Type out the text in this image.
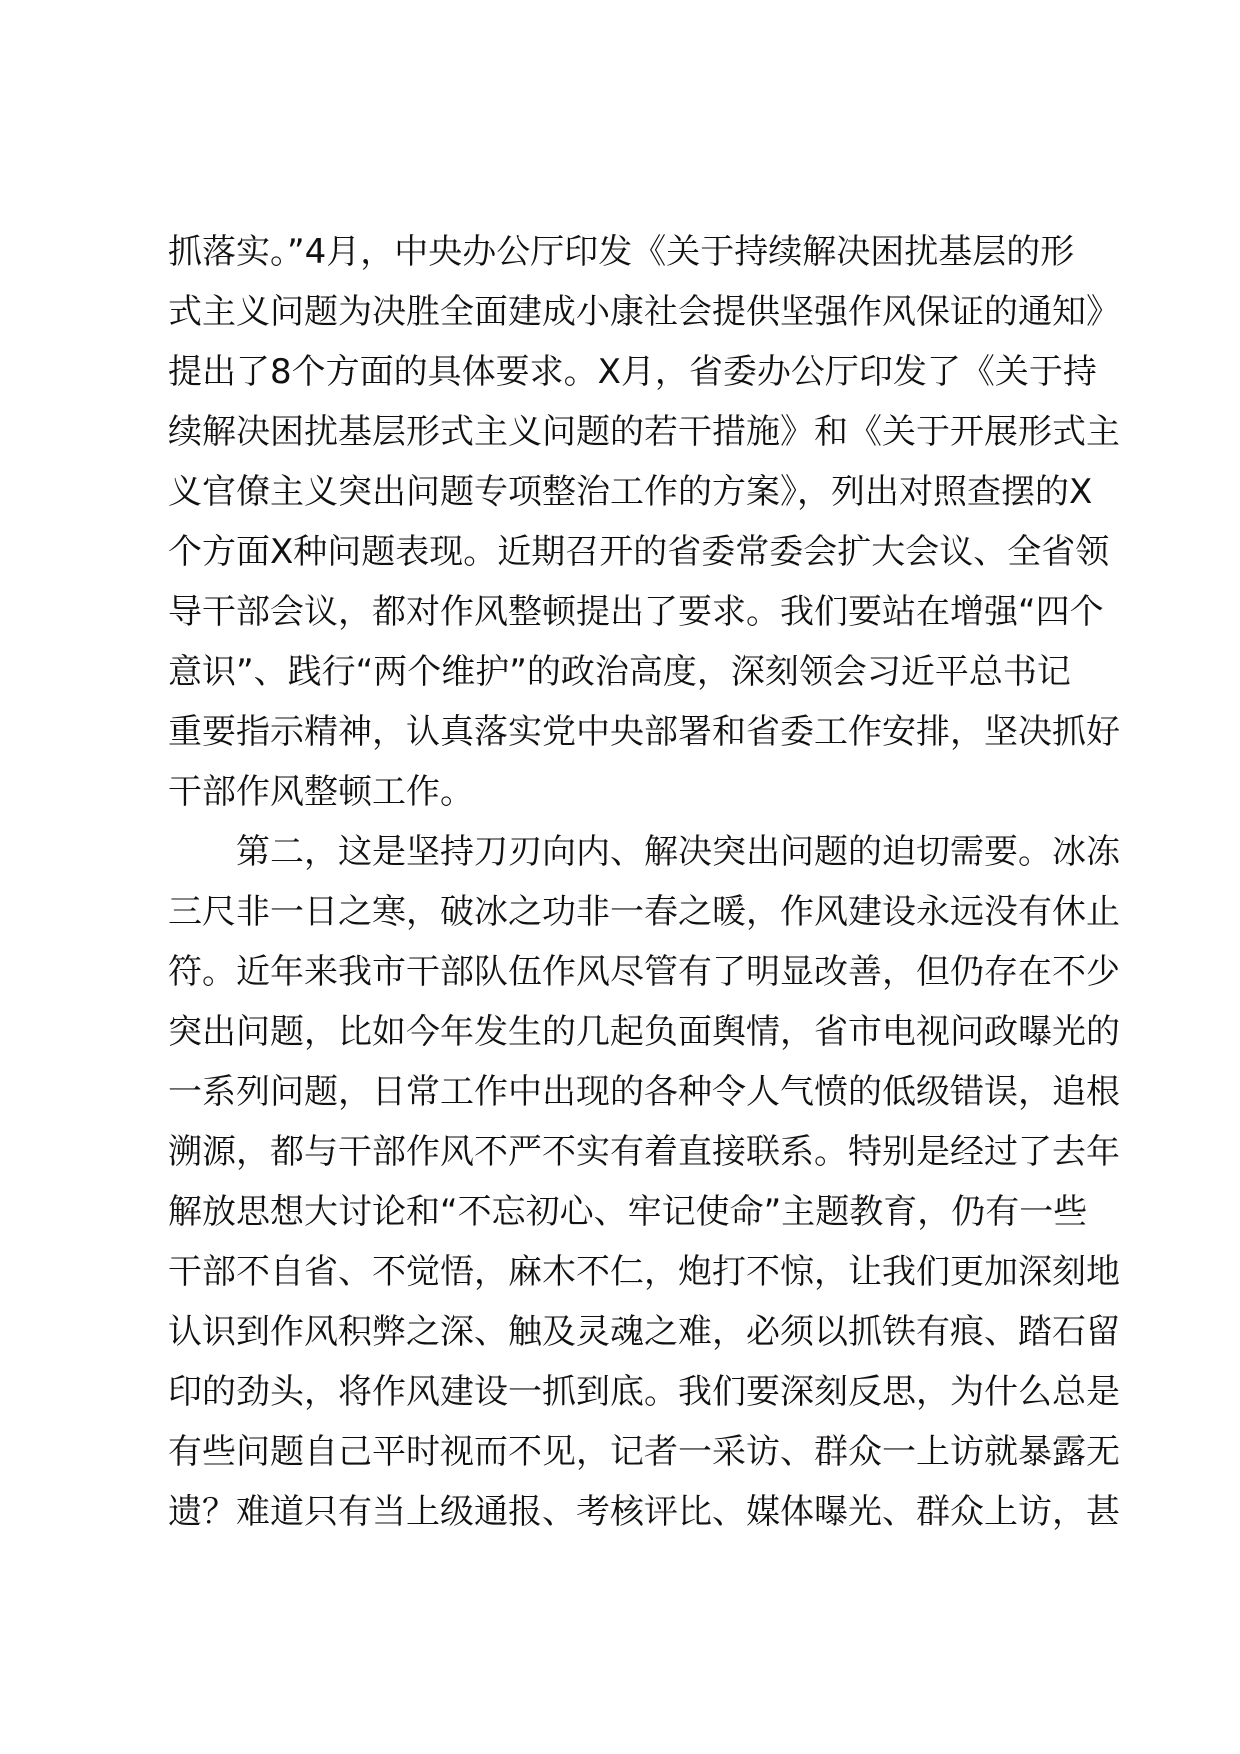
抓落实。”4月，中央办公厅印发《关于持续解决困扰基层的形
式主义问题为决胜全面建成小康社会提供坚强作风保证的通知》
提出了8个方面的具体要求。X月，省委办公厅印发了《关于持
续解决困扰基层形式主义问题的若干措施》和《关于开展形式主
义官僚主义突出问题专项整治工作的方案》，列出对照查摆的X
个方面X种问题表现。近期召开的省委常委会扩大会议、全省领
导干部会议，都对作风整顿提出了要求。我们要站在增强“四个
意识”、践行“两个维护”的政治高度，深刻领会习近平总书记
重要指示精神，认真落实党中央部署和省委工作安排，坚决抓好
干部作风整顿工作。
　　第二，这是坚持刀刃向内、解决突出问题的迫切需要。冰冻
三尺非一日之寒，破冰之功非一春之暖，作风建设永远没有休止
符。近年来我市干部队伍作风尽管有了明显改善，但仍存在不少
突出问题，比如今年发生的几起负面舆情，省市电视问政曝光的
一系列问题，日常工作中出现的各种令人气愤的低级错误，追根
溯源，都与干部作风不严不实有着直接联系。特别是经过了去年
解放思想大讨论和“不忘初心、牢记使命”主题教育，仍有一些
干部不自省、不觉悟，麻木不仁，炮打不惊，让我们更加深刻地
认识到作风积弊之深、触及灵魂之难，必须以抓铁有痕、踏石留
印的劲头，将作风建设一抓到底。我们要深刻反思，为什么总是
有些问题自己平时视而不见，记者一采访、群众一上访就暴露无
遗？难道只有当上级通报、考核评比、媒体曝光、群众上访，甚
